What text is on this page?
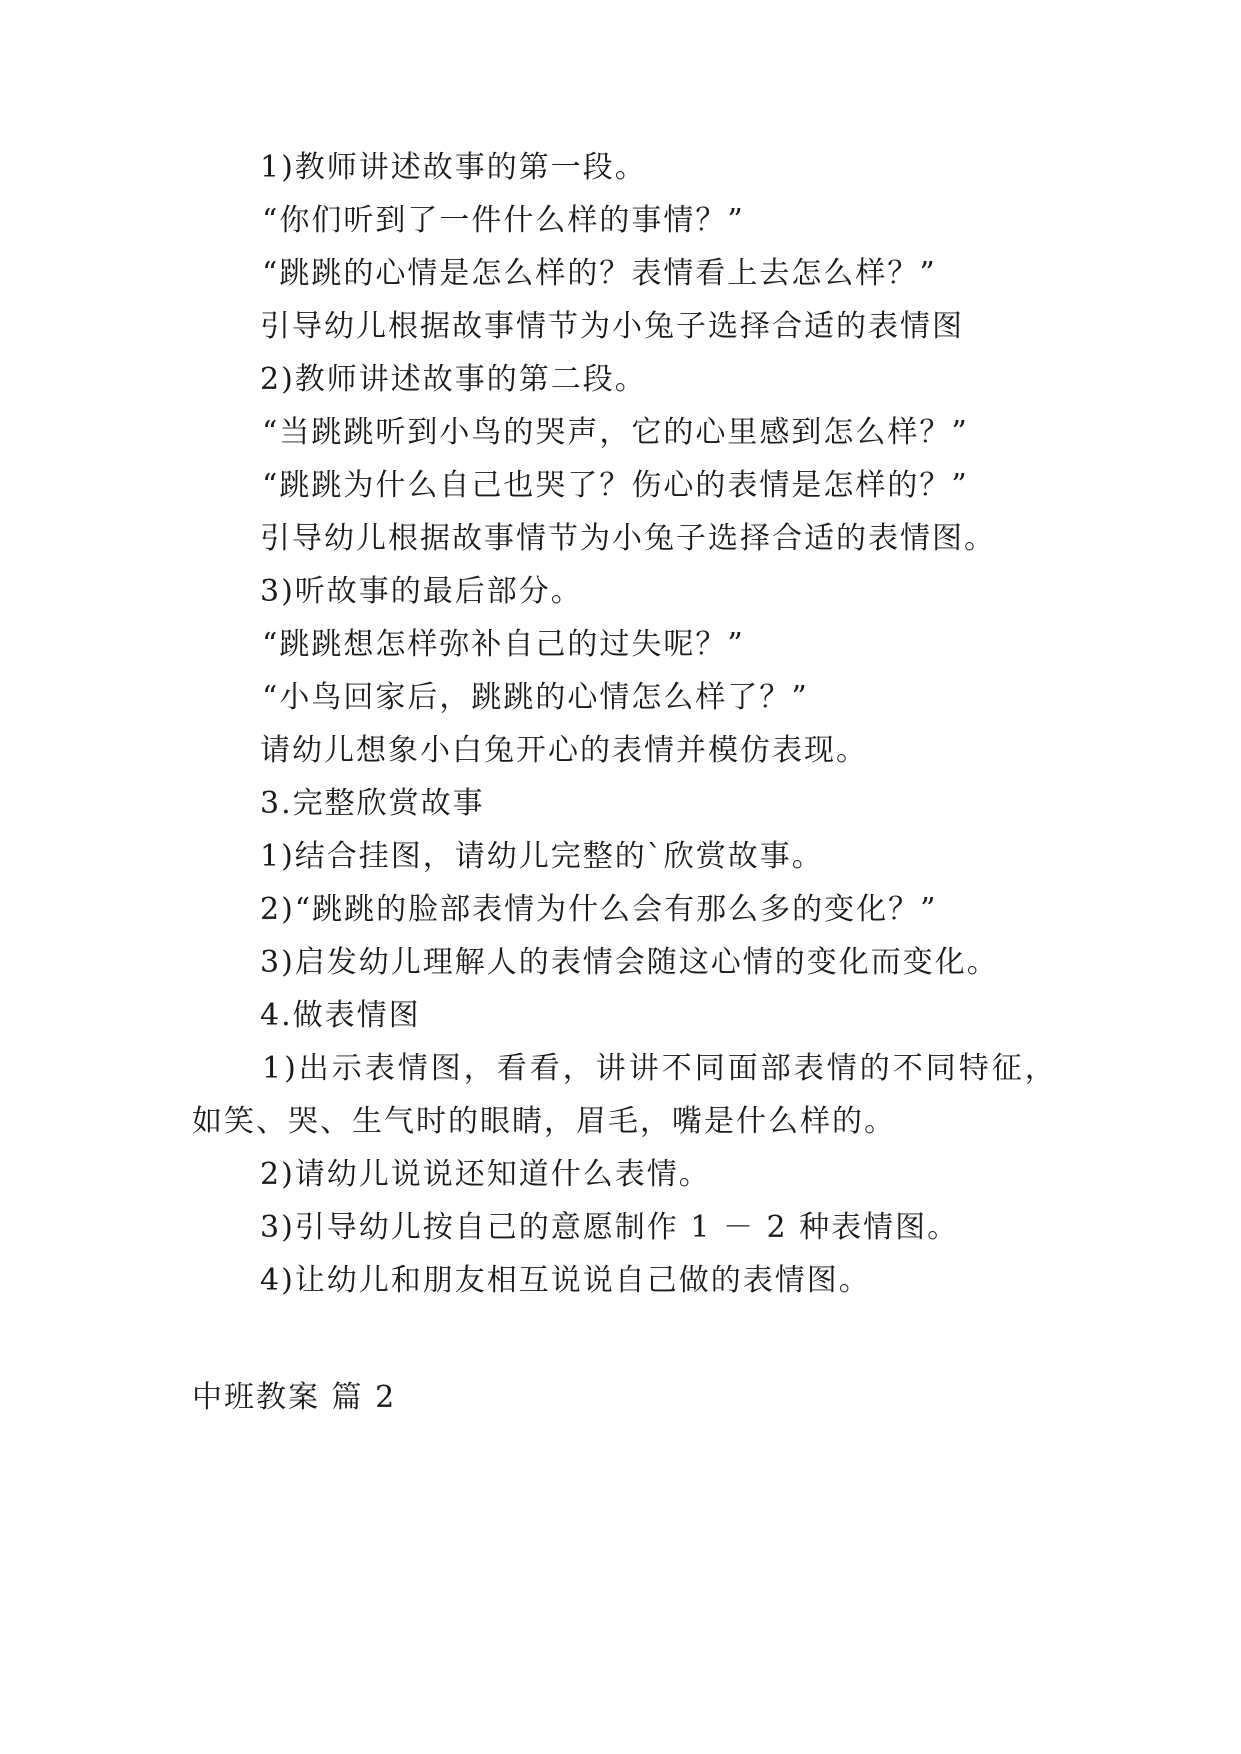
1)教师讲述故事的第一段。
“你们听到了一件什么样的事情？”
“跳跳的心情是怎么样的？表情看上去怎么样？”
引导幼儿根据故事情节为小兔子选择合适的表情图
2)教师讲述故事的第二段。
“当跳跳听到小鸟的哭声，它的心里感到怎么样？”
“跳跳为什么自己也哭了？伤心的表情是怎样的？”
引导幼儿根据故事情节为小兔子选择合适的表情图。
3)听故事的最后部分。
“跳跳想怎样弥补自己的过失呢？”
“小鸟回家后，跳跳的心情怎么样了？”
请幼儿想象小白兔开心的表情并模仿表现。
3.完整欣赏故事
1)结合挂图，请幼儿完整的`欣赏故事。
2)“跳跳的脸部表情为什么会有那么多的变化？”
3)启发幼儿理解人的表情会随这心情的变化而变化。
4.做表情图
1)出示表情图，看看，讲讲不同面部表情的不同特征，
如笑、哭、生气时的眼睛，眉毛，嘴是什么样的。
2)请幼儿说说还知道什么表情。
3)引导幼儿按自己的意愿制作 1 － 2 种表情图。
4)让幼儿和朋友相互说说自己做的表情图。
中班教案 篇 2
